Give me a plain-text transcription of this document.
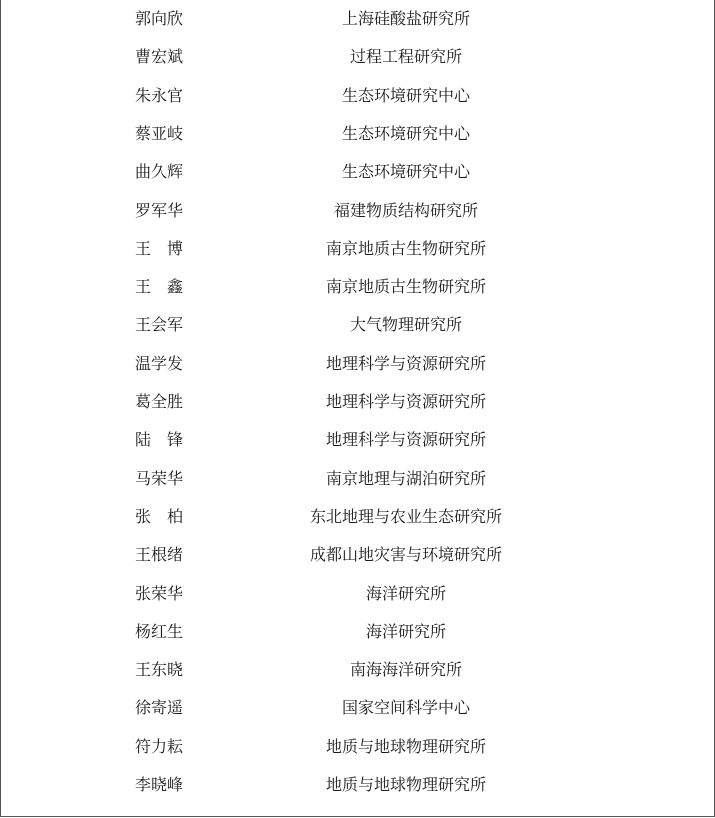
郭向欣	上海硅酸盐研究所
曹宏斌	过程工程研究所
朱永官	生态环境研究中心
蔡亚岐	生态环境研究中心
曲久辉	生态环境研究中心
罗军华	福建物质结构研究所
王　博	南京地质古生物研究所
王　鑫	南京地质古生物研究所
王会军	大气物理研究所
温学发	地理科学与资源研究所
葛全胜	地理科学与资源研究所
陆　锋	地理科学与资源研究所
马荣华	南京地理与湖泊研究所
张　柏	东北地理与农业生态研究所
王根绪	成都山地灾害与环境研究所
张荣华	海洋研究所
杨红生	海洋研究所
王东晓	南海海洋研究所
徐寄遥	国家空间科学中心
符力耘	地质与地球物理研究所
李晓峰	地质与地球物理研究所
